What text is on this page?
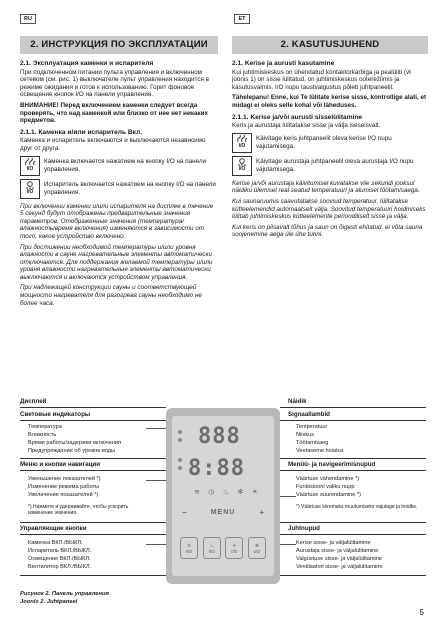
RU	ET
2. ИНСТРУКЦИЯ ПО ЭКСПЛУАТАЦИИ	2. KASUTUSJUHEND
2.1. Эксплуатация каменки и испарителя

При подключенном питании пульта управления и включенном сетевом (см. рис. 1) выключателе пульт управления находится в режиме ожидания и готов к использованию. Горит фоновое освещение кнопок I/O на панели управления.

ВНИМАНИЕ! Перед включением каменки следует всегда проверять, что над каменкой или близко от нее нет никаких предметов.

2.1.1. Каменка и/или испаритель Вкл.

Каменка и испаритель включаются и выключаются независимо друг от друга.

I/O
Каменка включается нажатием на кнопку I/O на панели управления.
I/O
Испаритель включается нажатием на кнопку I/O на панели управления.

При включении каменки и/или испарителя на дисплее в течение 5 секунд будут отображены предварительные значения параметров. Отображенные значения (температура/влажность/время включения) изменяются в зависимости от того, какое устройство включено.

При достижении необходимой температуры и/или уровня влажности в сауне нагревательные элементы автоматически отключаются. Для поддержания желаемой температуры и/или уровня влажности нагревательные элементы автоматически выключаются и включаются устройством управления.

При надлежащей конструкции сауны и соответствующей мощности нагревателя для разогрева сауны необходимо не более часа.

2.1. Kerise ja aurusti kasutamine

Kui juhtimiskeskus on ühendatud kontaktorkarbiga ja pealüliti (vt joonis 1) on sisse lülitatud, on juhtimiskeskus ooterežiimis ja kasutusvalmis. I/O nupu taustvalgustus põleb juhtpaneelil.

Tähelepanu! Enne, kui Te lülitate kerise sisse, kontrollige alati, et midagi ei oleks selle kohal või läheduses.

2.1.1. Kerise ja/või aurusti sisselülitamine

Keris ja aurustaja lülitatakse sisse ja välja iseseisvalt.

I/O
Käivitage keris juhtpaneelil oleva kerise I/O nupu vajutamisega.
I/O
Käivitage aurustaja juhtpaneelil oleva aurustaja I/O nupu vajutamisega.

Kerise ja/või aurustaja käivitumisel kuvatakse viie sekundi jooksul näidiku ülemisel real seatud temperatuuri ja alumisel töötamisaega.

Kui saunaruumis saavutatakse sooviud temperatuur, lülitatakse kütteelemendid automaatselt välja. Soovitud temperatuuri hoidmiseks lülitab juhtimiskeskus kütteelemente perioodiliselt sisse ja välja.

Kui keris on piisavalt tõhus ja saun on õigesti ehitatud, ei võta sauna soojenemine aega üle ühe tunni.

Дисплей
Световые индикаторы
Температура
Влажность
Время работы/задержки включения
Предупреждение об уровне воды
Меню и кнопки навигации
Уменьшение показателей *)
Изменение режима работы
Увеличение показателей *)
*) Нажмите и удерживайте, чтобы ускорить изменение значения.
Управляющие кнопки
Каменка ВКЛ./ВЫКЛ.
Испаритель ВКЛ./ВЫКЛ.
Освещение ВКЛ./ВЫКЛ.
Вентилятор ВКЛ./ВЫКЛ.
Näidik
Signaallambid
Temperatuur
Niiskus
Töötamisaeg
Veetaseme hoiatus
Menüü- ja navigeerimisnupud
Väärtuse vähendamine *)
Funktsiooni valiku nupp
Väärtuse suurendamine *)
*) Väärtuse kiiremaks muutumiseks vajutage ja hoidke.
Juhtnupud
Kerise sisse- ja väljalülitamine
Aurustaja sisse- ja väljalülitamine
Valgustuse sisse- ja väljalülitamine
Ventilaatori sisse- ja väljalülitamine
888
8:88
≋ ◷ ♨ ✻ ☀
−	MENU	+
≋
I/O
♨
I/O
☀
I/O
✻
I/O
Рисунок 2. Панель управления
Joonis 2. Juhtpaneel
5
